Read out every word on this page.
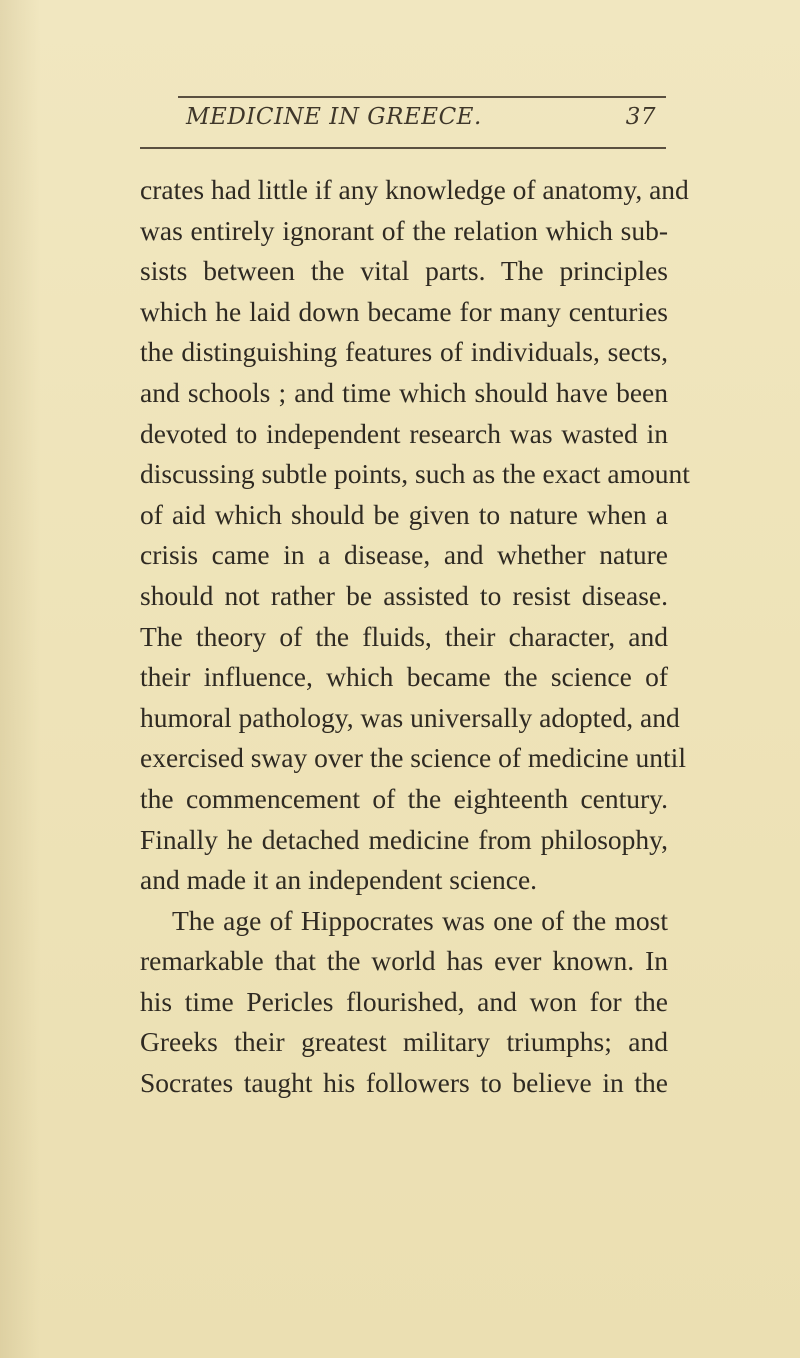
MEDICINE IN GREECE.	37
crates had little if any knowledge of anatomy, and
was entirely ignorant of the relation which sub-
sists between the vital parts. The principles
which he laid down became for many centuries
the distinguishing features of individuals, sects,
and schools ; and time which should have been
devoted to independent research was wasted in
discussing subtle points, such as the exact amount
of aid which should be given to nature when a
crisis came in a disease, and whether nature
should not rather be assisted to resist disease.
The theory of the fluids, their character, and
their influence, which became the science of
humoral pathology, was universally adopted, and
exercised sway over the science of medicine until
the commencement of the eighteenth century.
Finally he detached medicine from philosophy,
and made it an independent science.
The age of Hippocrates was one of the most
remarkable that the world has ever known. In
his time Pericles flourished, and won for the
Greeks their greatest military triumphs; and
Socrates taught his followers to believe in the
